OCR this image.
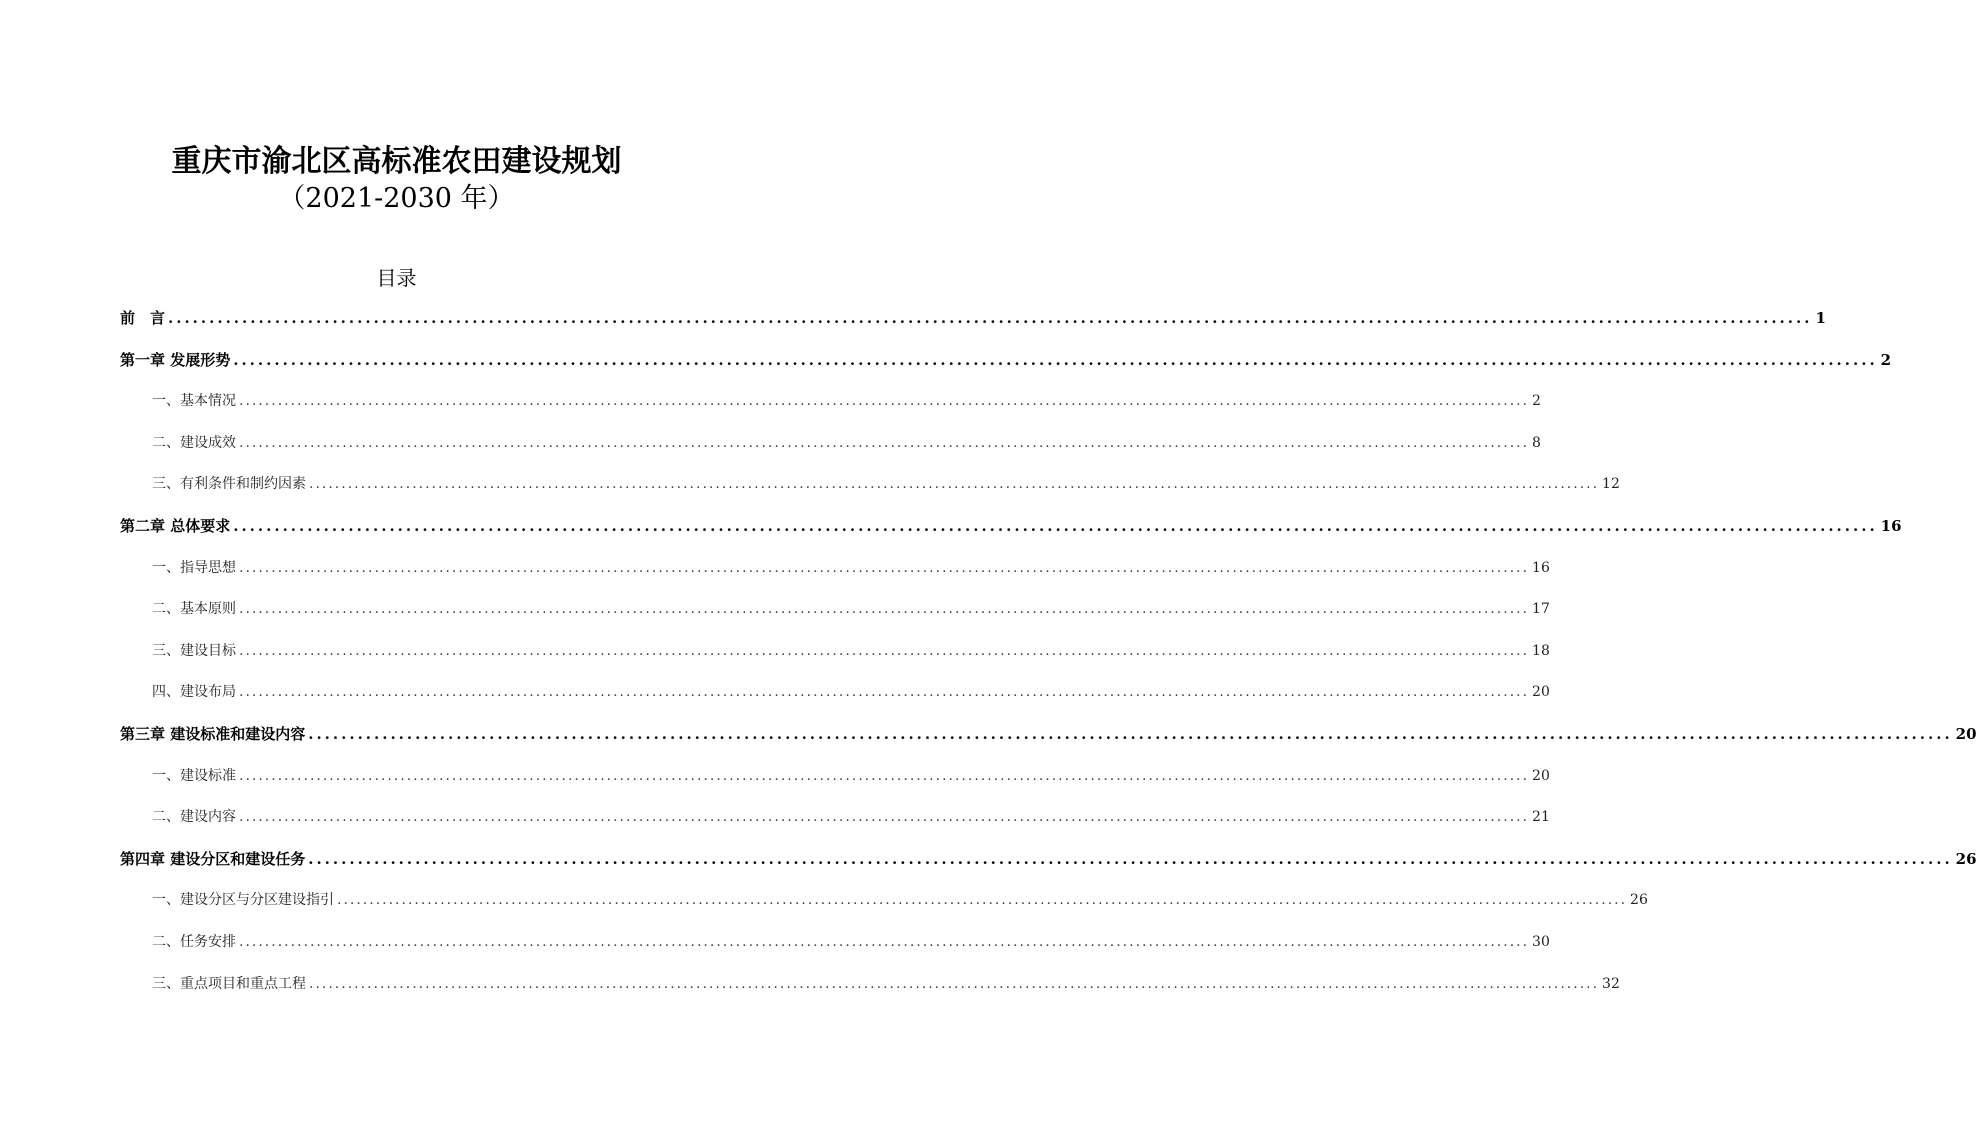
重庆市渝北区高标准农田建设规划
（2021-2030 年）
目录
前　言 ........................................................................................................................................................................................................ 1
第一章 发展形势 ........................................................................................................................................................................................................ 2
一、基本情况 ........................................................................................................................................................................................................ 2
二、建设成效 ........................................................................................................................................................................................................ 8
三、有利条件和制约因素 ........................................................................................................................................................................................................ 12
第二章 总体要求 ........................................................................................................................................................................................................ 16
一、指导思想 ........................................................................................................................................................................................................ 16
二、基本原则 ........................................................................................................................................................................................................ 17
三、建设目标 ........................................................................................................................................................................................................ 18
四、建设布局 ........................................................................................................................................................................................................ 20
第三章 建设标准和建设内容 ........................................................................................................................................................................................................ 20
一、建设标准 ........................................................................................................................................................................................................ 20
二、建设内容 ........................................................................................................................................................................................................ 21
第四章 建设分区和建设任务 ........................................................................................................................................................................................................ 26
一、建设分区与分区建设指引 ........................................................................................................................................................................................................ 26
二、任务安排 ........................................................................................................................................................................................................ 30
三、重点项目和重点工程 ........................................................................................................................................................................................................ 32
